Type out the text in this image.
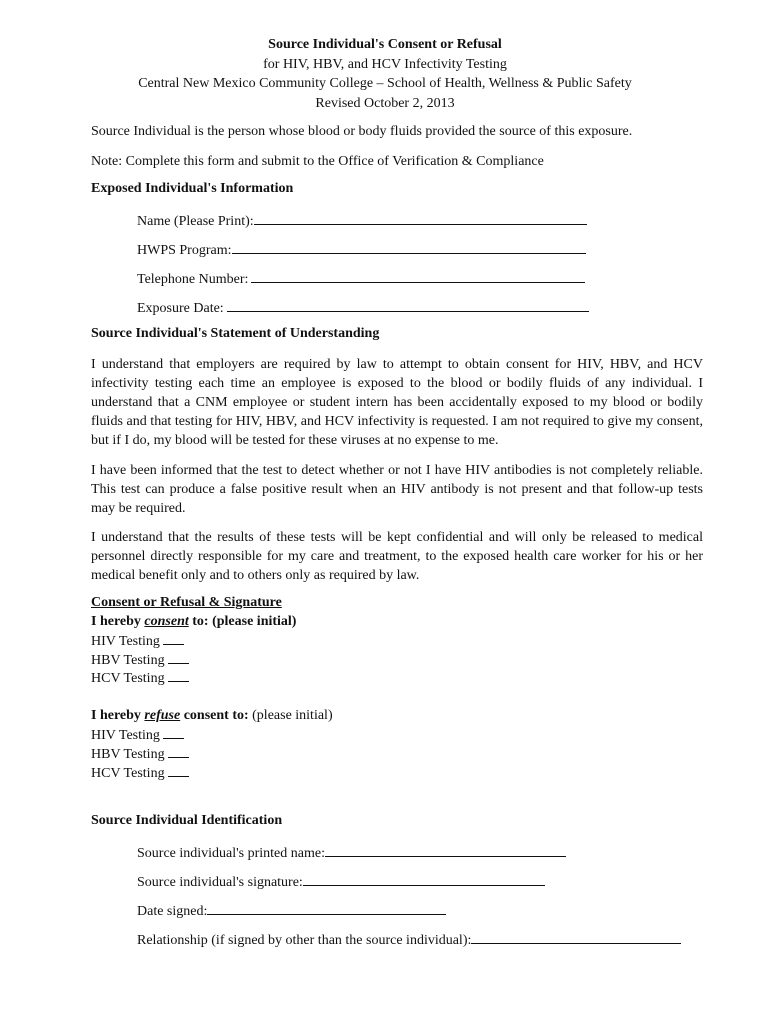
Source Individual's Consent or Refusal
for HIV, HBV, and HCV Infectivity Testing
Central New Mexico Community College – School of Health, Wellness & Public Safety
Revised October 2, 2013

Source Individual is the person whose blood or body fluids provided the source of this exposure.

Note: Complete this form and submit to the Office of Verification & Compliance

Exposed Individual's Information
Name (Please Print):
HWPS Program:
Telephone Number:
Exposure Date:
Source Individual's Statement of Understanding

I understand that employers are required by law to attempt to obtain consent for HIV, HBV, and HCV infectivity testing each time an employee is exposed to the blood or bodily fluids of any individual. I understand that a CNM employee or student intern has been accidentally exposed to my blood or bodily fluids and that testing for HIV, HBV, and HCV infectivity is requested. I am not required to give my consent, but if I do, my blood will be tested for these viruses at no expense to me.

I have been informed that the test to detect whether or not I have HIV antibodies is not completely reliable. This test can produce a false positive result when an HIV antibody is not present and that follow-up tests may be required.

I understand that the results of these tests will be kept confidential and will only be released to medical personnel directly responsible for my care and treatment, to the exposed health care worker for his or her medical benefit only and to others only as required by law.

Consent or Refusal & Signature
I hereby consent to: (please initial)
HIV Testing
HBV Testing
HCV Testing
I hereby refuse consent to: (please initial)
HIV Testing
HBV Testing
HCV Testing
Source Individual Identification
Source individual's printed name:
Source individual's signature:
Date signed:
Relationship (if signed by other than the source individual):
